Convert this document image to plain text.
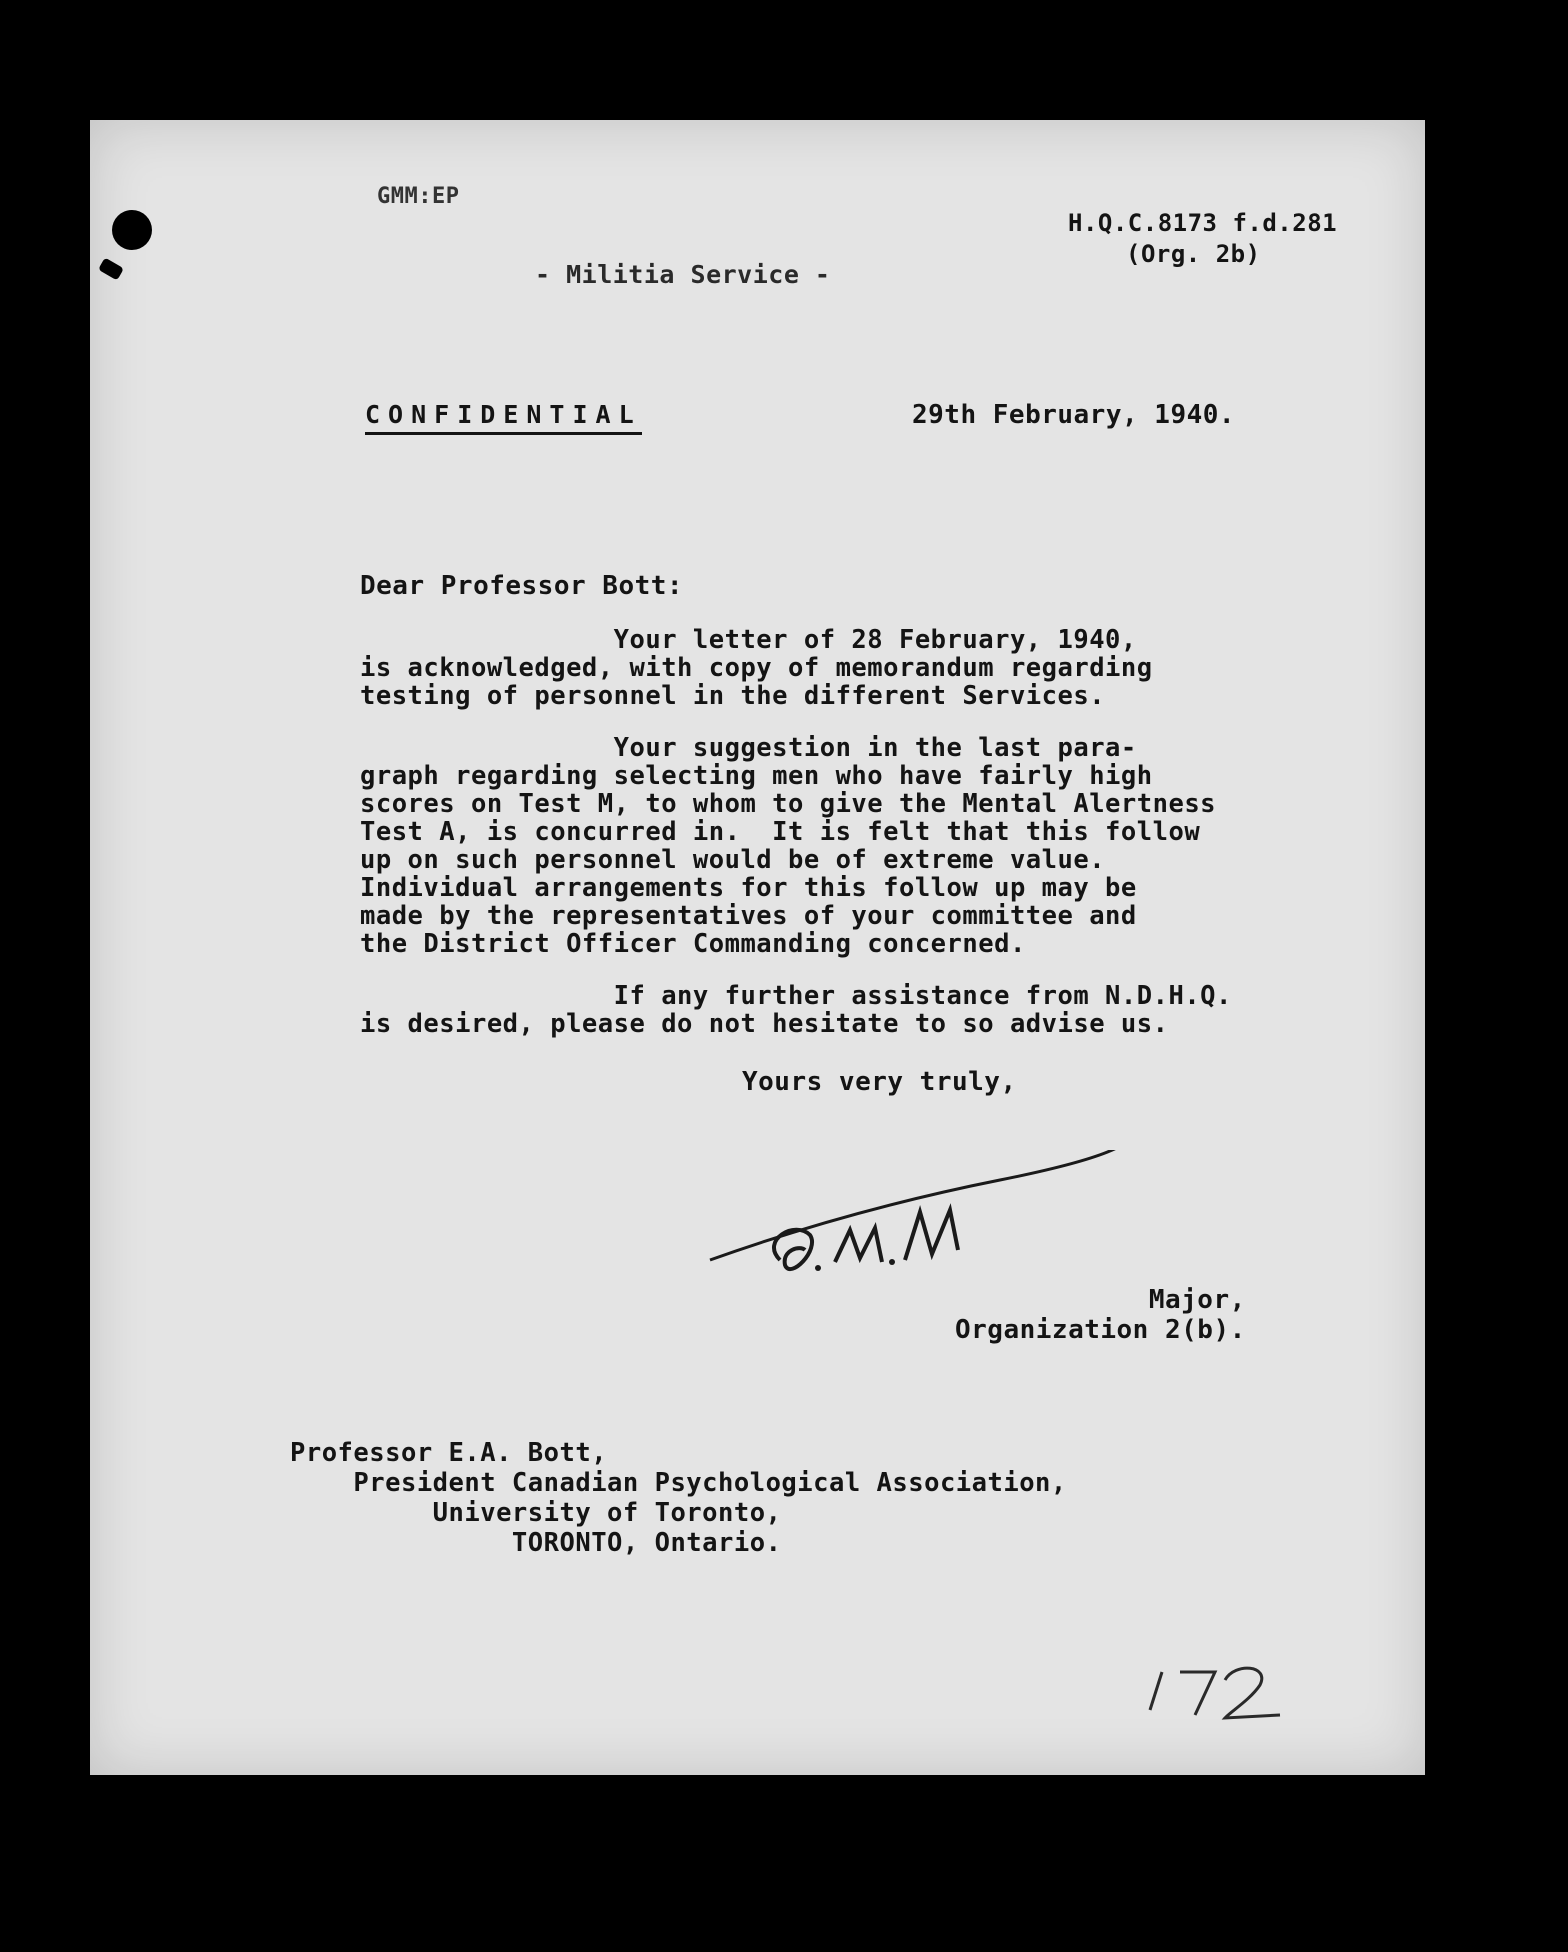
GMM:EP
H.Q.C.8173 f.d.281
(Org. 2b)
- Militia Service -
CONFIDENTIAL	29th February, 1940.
Dear Professor Bott:
Your letter of 28 February, 1940,
is acknowledged, with copy of memorandum regarding
testing of personnel in the different Services.
Your suggestion in the last para-
graph regarding selecting men who have fairly high
scores on Test M, to whom to give the Mental Alertness
Test A, is concurred in.  It is felt that this follow
up on such personnel would be of extreme value.
Individual arrangements for this follow up may be
made by the representatives of your committee and
the District Officer Commanding concerned.
If any further assistance from N.D.H.Q.
is desired, please do not hesitate to so advise us.
Yours very truly,
Major,
Organization 2(b).
Professor E.A. Bott,
President Canadian Psychological Association,
University of Toronto,
TORONTO, Ontario.
